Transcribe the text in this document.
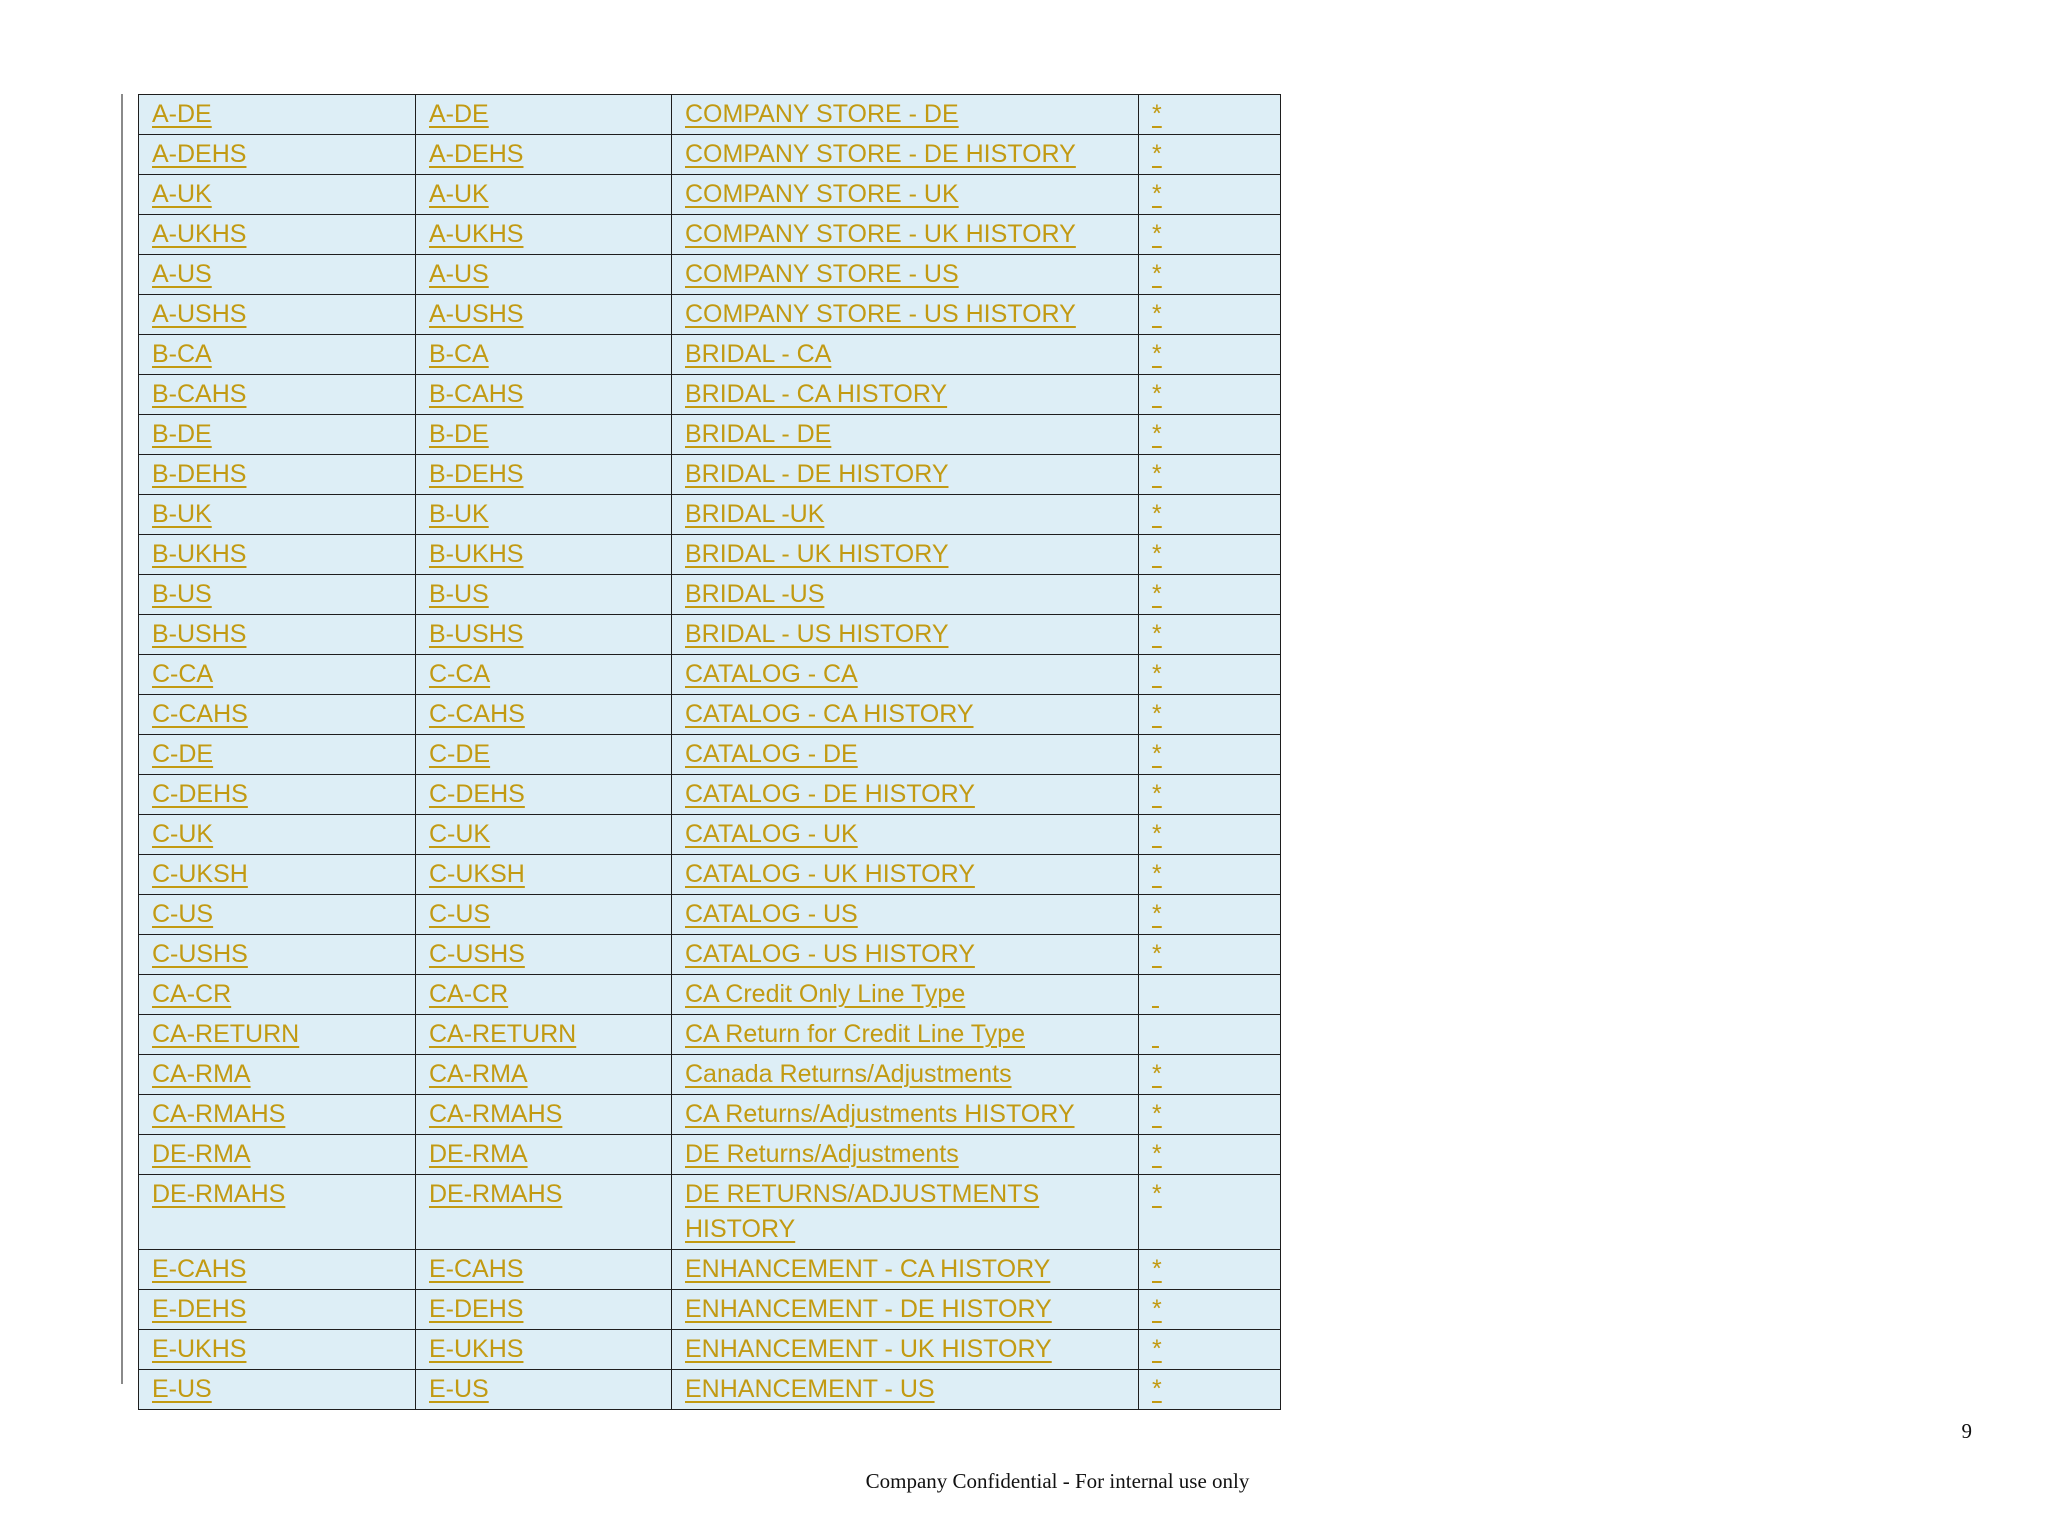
A-DE	A-DE	COMPANY STORE - DE	*
A-DEHS	A-DEHS	COMPANY STORE - DE HISTORY	*
A-UK	A-UK	COMPANY STORE - UK	*
A-UKHS	A-UKHS	COMPANY STORE - UK HISTORY	*
A-US	A-US	COMPANY STORE - US	*
A-USHS	A-USHS	COMPANY STORE - US HISTORY	*
B-CA	B-CA	BRIDAL - CA	*
B-CAHS	B-CAHS	BRIDAL - CA HISTORY	*
B-DE	B-DE	BRIDAL - DE	*
B-DEHS	B-DEHS	BRIDAL - DE HISTORY	*
B-UK	B-UK	BRIDAL -UK	*
B-UKHS	B-UKHS	BRIDAL - UK HISTORY	*
B-US	B-US	BRIDAL -US	*
B-USHS	B-USHS	BRIDAL - US HISTORY	*
C-CA	C-CA	CATALOG - CA	*
C-CAHS	C-CAHS	CATALOG - CA HISTORY	*
C-DE	C-DE	CATALOG - DE	*
C-DEHS	C-DEHS	CATALOG - DE HISTORY	*
C-UK	C-UK	CATALOG - UK	*
C-UKSH	C-UKSH	CATALOG - UK HISTORY	*
C-US	C-US	CATALOG - US	*
C-USHS	C-USHS	CATALOG - US HISTORY	*
CA-CR	CA-CR	CA Credit Only Line Type	
CA-RETURN	CA-RETURN	CA Return for Credit Line Type	
CA-RMA	CA-RMA	Canada Returns/Adjustments	*
CA-RMAHS	CA-RMAHS	CA Returns/Adjustments HISTORY	*
DE-RMA	DE-RMA	DE Returns/Adjustments	*
DE-RMAHS	DE-RMAHS	DE RETURNS/ADJUSTMENTS HISTORY	*
E-CAHS	E-CAHS	ENHANCEMENT - CA HISTORY	*
E-DEHS	E-DEHS	ENHANCEMENT - DE HISTORY	*
E-UKHS	E-UKHS	ENHANCEMENT - UK HISTORY	*
E-US	E-US	ENHANCEMENT - US	*
9
Company Confidential - For internal use only
